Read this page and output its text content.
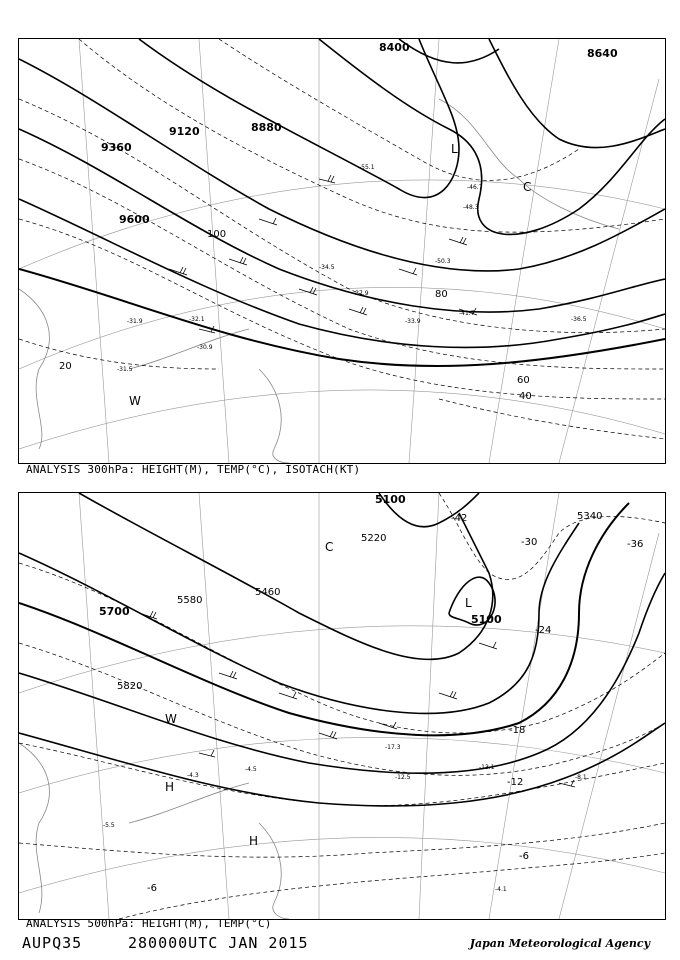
8400	8640
8880
9120
9360
9600
20
40
60
80
100
-31.9	-32.1
-30.9
-31.5
-33.9
-34.5
-37.9
-41.7
-36.5
-46.7
-48.3
-50.3
-55.1
L
C
W
ANALYSIS 300hPa: HEIGHT(M), TEMP(°C), ISOTACH(KT)
5100
5100
5220
5340
5460
5580
5700
5820
-42
-36
-30
-24
-18
-12
-6
-6
-12.5
-13.1
-8.1
-4.1
-5.5
-4.3
-4.5
-17.3
L
C
H
H
W
ANALYSIS 500hPa: HEIGHT(M), TEMP(°C)
AUPQ35	280000UTC JAN 2015	Japan Meteorological Agency
